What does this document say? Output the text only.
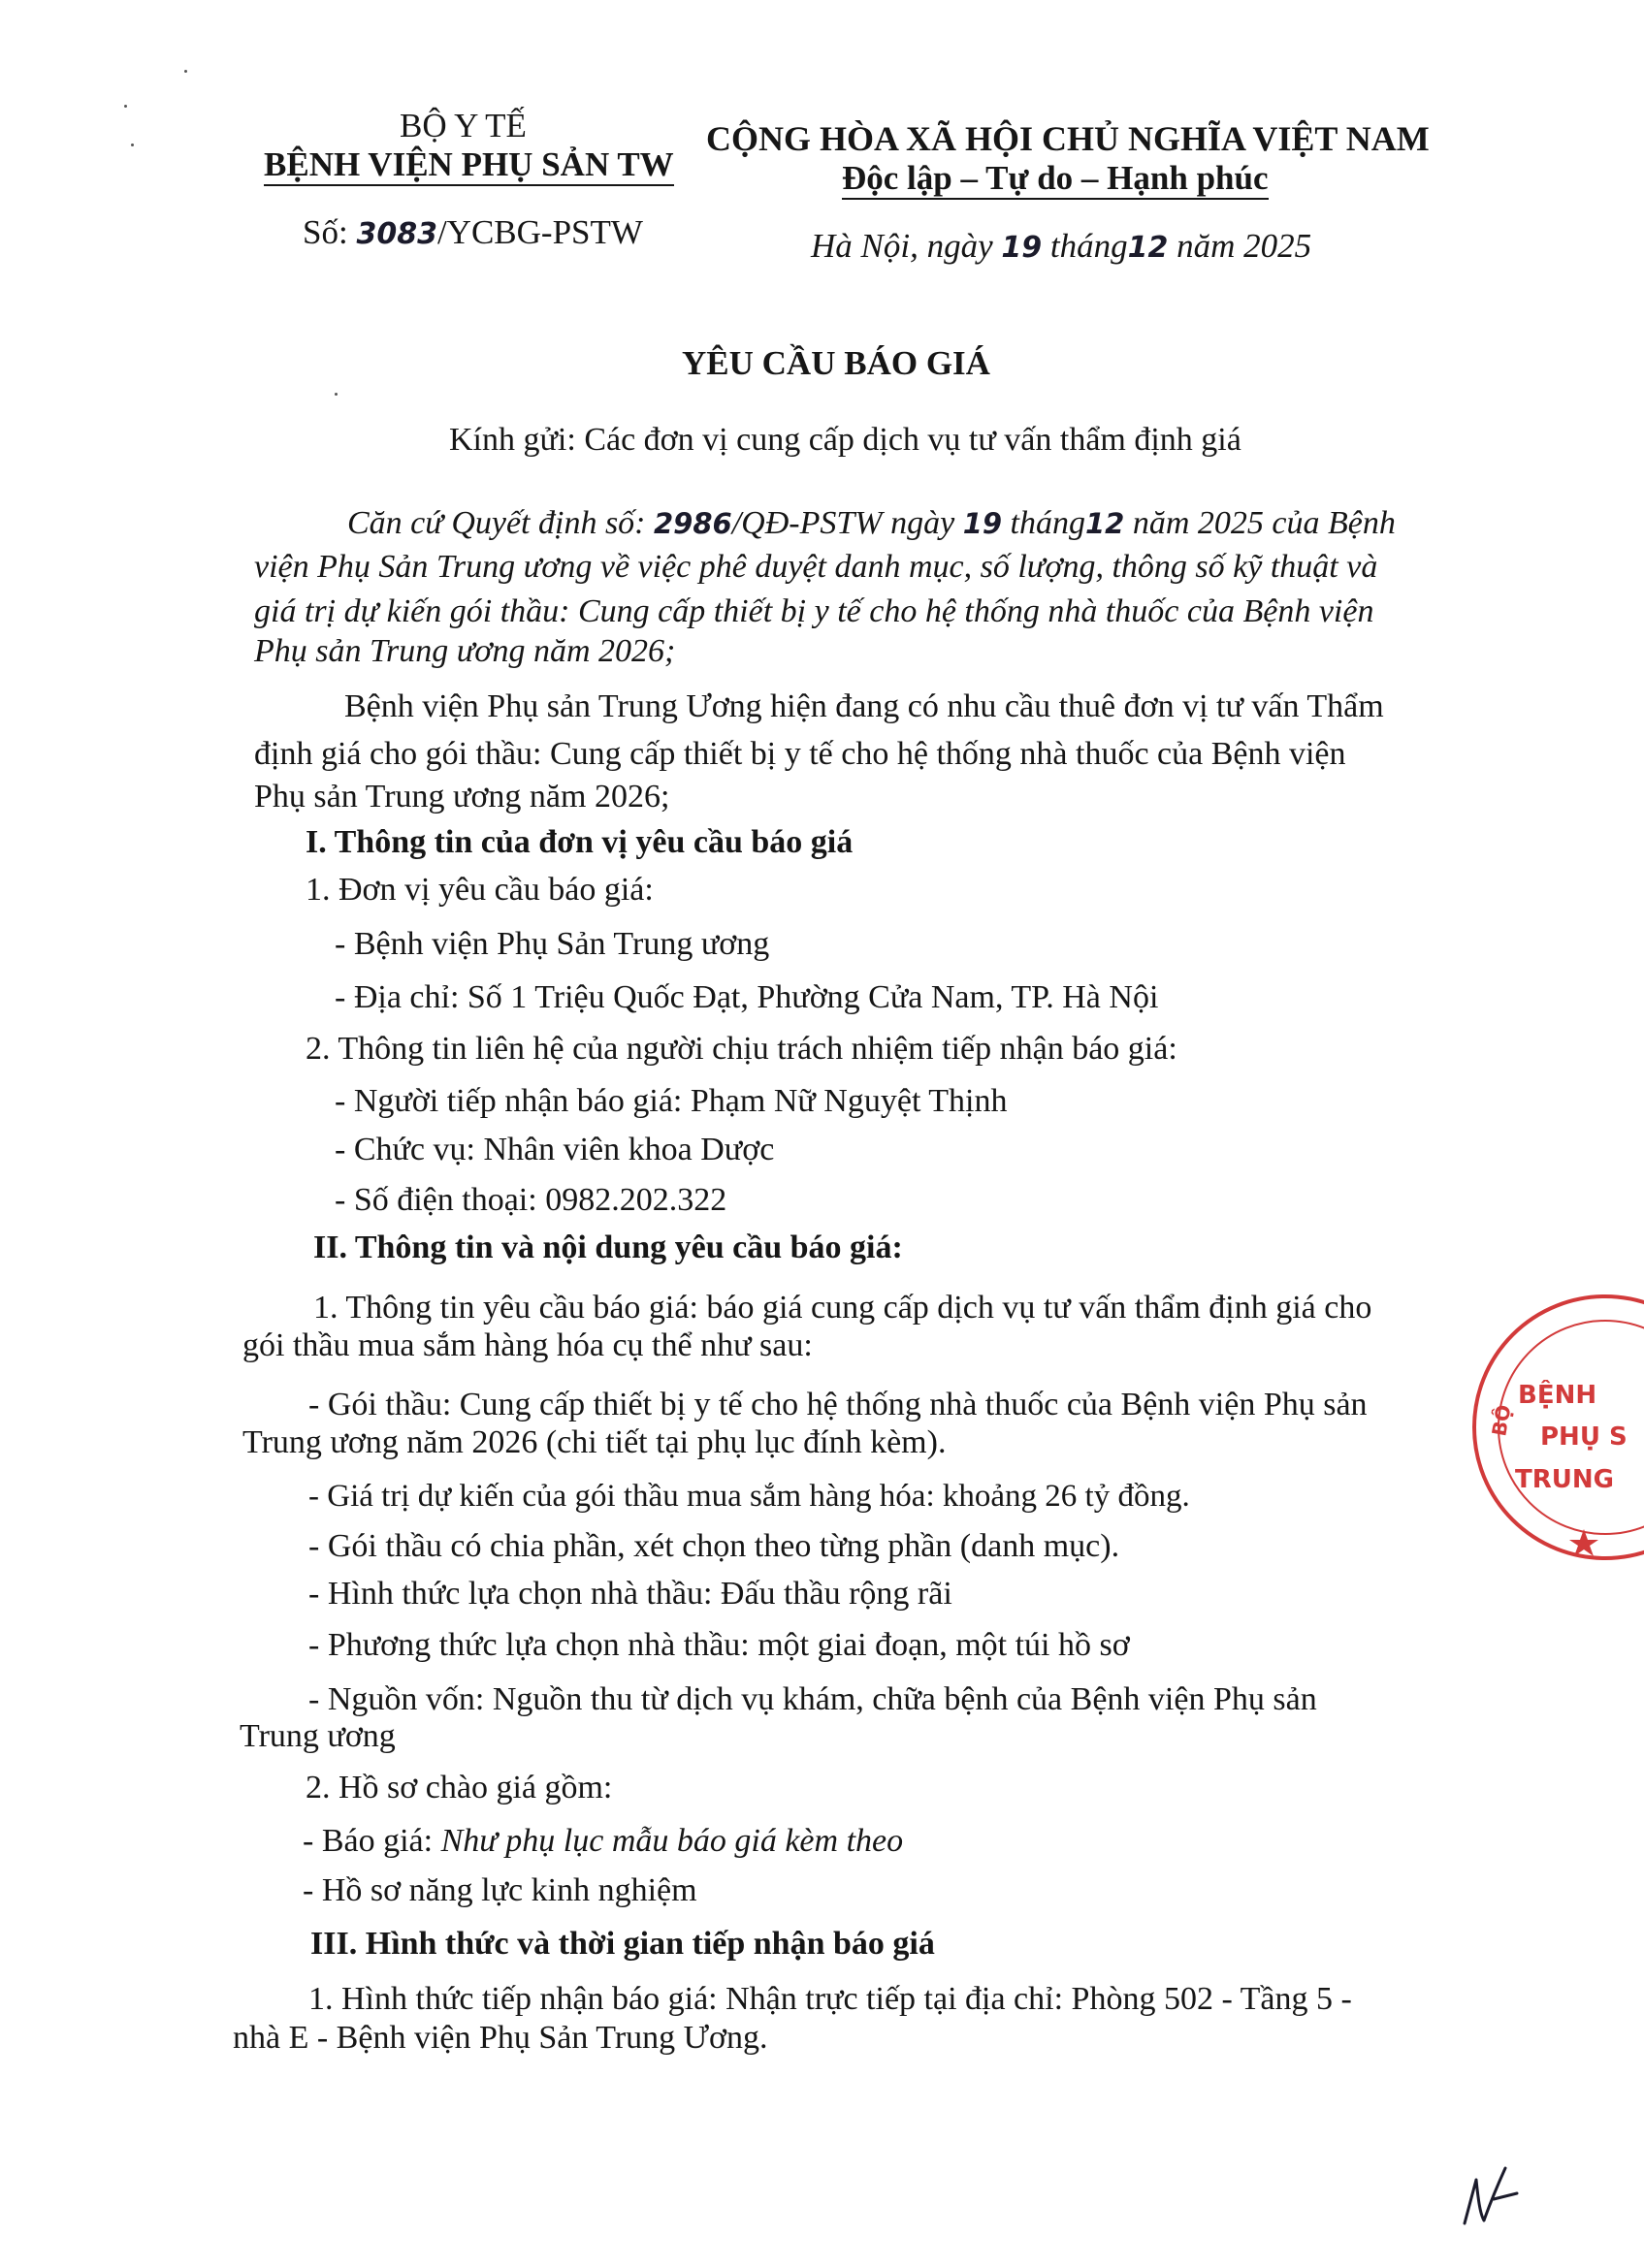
BỘ Y TẾ
BỆNH VIỆN PHỤ SẢN TW
Số: 3083/YCBG-PSTW
CỘNG HÒA XÃ HỘI CHỦ NGHĨA VIỆT NAM
Độc lập – Tự do – Hạnh phúc
Hà Nội, ngày 19 tháng12 năm 2025
YÊU CẦU BÁO GIÁ
Kính gửi: Các đơn vị cung cấp dịch vụ tư vấn thẩm định giá
Căn cứ Quyết định số: 2986/QĐ-PSTW ngày 19 tháng12 năm 2025 của Bệnh
viện Phụ Sản Trung ương về việc phê duyệt danh mục, số lượng, thông số kỹ thuật và
giá trị dự kiến gói thầu: Cung cấp thiết bị y tế cho hệ thống nhà thuốc của Bệnh viện
Phụ sản Trung ương năm 2026;
Bệnh viện Phụ sản Trung Ương hiện đang có nhu cầu thuê đơn vị tư vấn Thẩm
định giá cho gói thầu: Cung cấp thiết bị y tế cho hệ thống nhà thuốc của Bệnh viện
Phụ sản Trung ương năm 2026;
I. Thông tin của đơn vị yêu cầu báo giá
1. Đơn vị yêu cầu báo giá:
- Bệnh viện Phụ Sản Trung ương
- Địa chỉ: Số 1 Triệu Quốc Đạt, Phường Cửa Nam, TP. Hà Nội
2. Thông tin liên hệ của người chịu trách nhiệm tiếp nhận báo giá:
- Người tiếp nhận báo giá: Phạm Nữ Nguyệt Thịnh
- Chức vụ: Nhân viên khoa Dược
- Số điện thoại: 0982.202.322
II. Thông tin và nội dung yêu cầu báo giá:
1. Thông tin yêu cầu báo giá: báo giá cung cấp dịch vụ tư vấn thẩm định giá cho
gói thầu mua sắm hàng hóa cụ thể như sau:
- Gói thầu: Cung cấp thiết bị y tế cho hệ thống nhà thuốc của Bệnh viện Phụ sản
Trung ương năm 2026 (chi tiết tại phụ lục đính kèm).
- Giá trị dự kiến của gói thầu mua sắm hàng hóa: khoảng 26 tỷ đồng.
- Gói thầu có chia phần, xét chọn theo từng phần (danh mục).
- Hình thức lựa chọn nhà thầu: Đấu thầu rộng rãi
- Phương thức lựa chọn nhà thầu: một giai đoạn, một túi hồ sơ
- Nguồn vốn: Nguồn thu từ dịch vụ khám, chữa bệnh của Bệnh viện Phụ sản
Trung ương
2. Hồ sơ chào giá gồm:
- Báo giá: Như phụ lục mẫu báo giá kèm theo
- Hồ sơ năng lực kinh nghiệm
III. Hình thức và thời gian tiếp nhận báo giá
1. Hình thức tiếp nhận báo giá: Nhận trực tiếp tại địa chỉ: Phòng 502 - Tầng 5 -
nhà E - Bệnh viện Phụ Sản Trung Ương.
BỘ
BỆNH
PHỤ S
TRUNG
